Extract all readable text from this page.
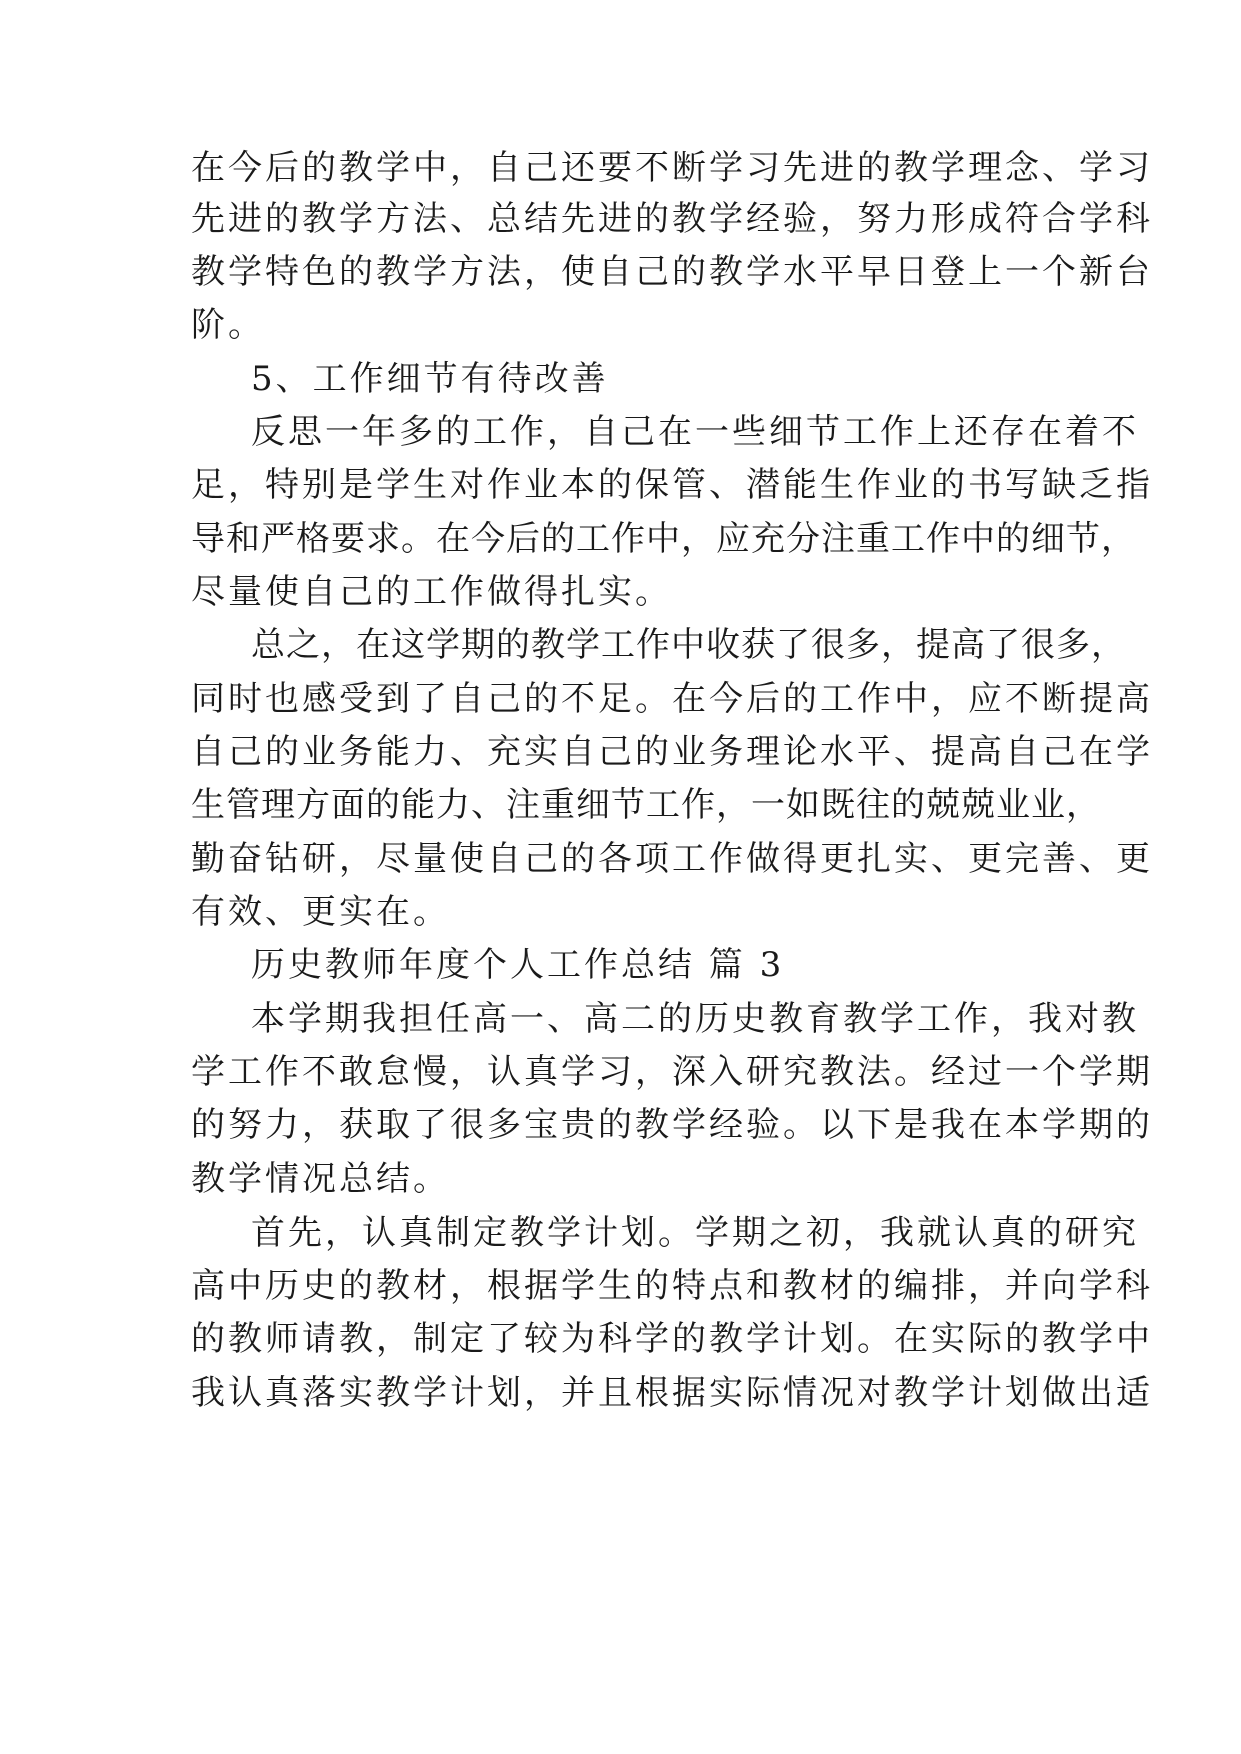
在今后的教学中，自己还要不断学习先进的教学理念、学习
先进的教学方法、总结先进的教学经验，努力形成符合学科
教学特色的教学方法，使自己的教学水平早日登上一个新台
阶。
5、工作细节有待改善
反思一年多的工作，自己在一些细节工作上还存在着不
足，特别是学生对作业本的保管、潜能生作业的书写缺乏指
导和严格要求。在今后的工作中，应充分注重工作中的细节，
尽量使自己的工作做得扎实。
总之，在这学期的教学工作中收获了很多，提高了很多，
同时也感受到了自己的不足。在今后的工作中，应不断提高
自己的业务能力、充实自己的业务理论水平、提高自己在学
生管理方面的能力、注重细节工作，一如既往的兢兢业业，
勤奋钻研，尽量使自己的各项工作做得更扎实、更完善、更
有效、更实在。
历史教师年度个人工作总结 篇 3
本学期我担任高一、高二的历史教育教学工作，我对教
学工作不敢怠慢，认真学习，深入研究教法。经过一个学期
的努力，获取了很多宝贵的教学经验。以下是我在本学期的
教学情况总结。
首先，认真制定教学计划。学期之初，我就认真的研究
高中历史的教材，根据学生的特点和教材的编排，并向学科
的教师请教，制定了较为科学的教学计划。在实际的教学中
我认真落实教学计划，并且根据实际情况对教学计划做出适
